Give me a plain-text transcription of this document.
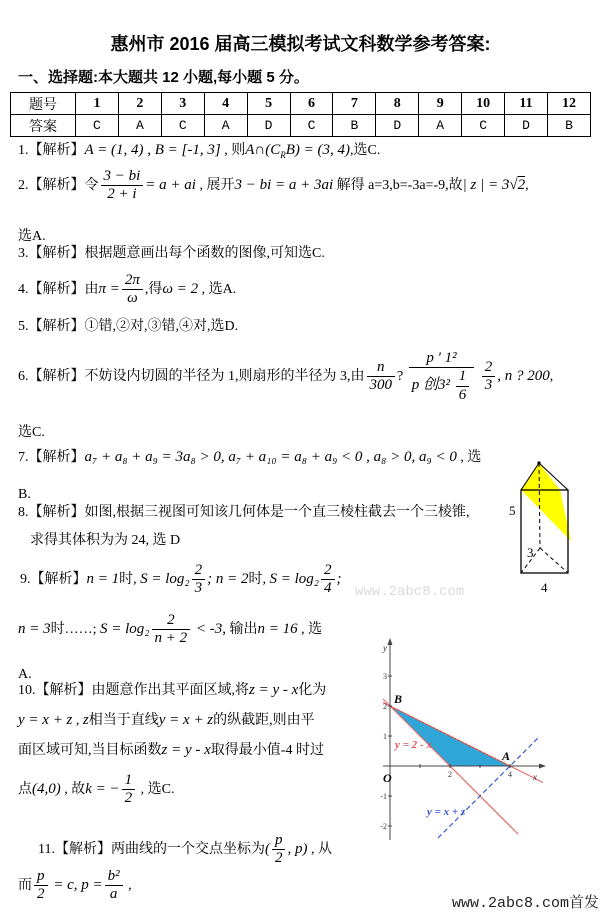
惠州市 2016 届高三模拟考试文科数学参考答案:
一、选择题:本大题共 12 小题,每小题 5 分。
题号	1	2	3	4	5	6	7	8	9	10	11	12
答案	C	A	C	A	D	C	B	D	A	C	D	B
1.【解析】A = (1, 4) , B = [-1, 3] , 则$A\cap(C_RB) = (3$, 4),选C.
2.【解析】令 $\frac{3 - bi}{2 + i} = a$ + ai , 展开3 − bi = a + 3ai 解得 a=3,b=-3a=-9,故| z | = 3√2,
选A.
3.【解析】根据题意画出每个函数的图像,可知选C.
4.【解析】由$\pi = \frac{2\pi}{\omega}$ ,得ω = 2 , 选A.
5.【解析】①错,②对,③错,④对,选D.
6.【解析】不妨设内切圆的半径为 1,则扇形的半径为 3,由 $\frac{n}{300}$ ? $\frac{\text{p ′ 1²}}{p 创3^2 \frac{1}{6}}$
$\frac{2}{3}$ , n ? 200,
选C.
7.【解析】a₇ + a₈ + a₉ = 3a₈ > 0, a₇ + a₁₀ = a₈ + a₉ < 0 , a₈ > 0, a₉ < 0 , 选
B.
8.【解析】如图,根据三视图可知该几何体是一个直三棱柱截去一个三棱锥,
求得其体积为为 24, 选 D
9.【解析】n = 1时, $S = \log_2 \frac{2}{3}$ ; n = 2时, $S = \log_2 \frac{2}{4}$ ;
n = 3时……; $S = \log_2 \frac{2}{n + 2} < -3$, 输出n = 16 , 选
A.
10.【解析】由题意作出其平面区域,将z = y - x化为
y = x + z , z相当于直线y = x + z的纵截距,则由平
面区域可知,当目标函数z = y - x取得最小值-4 时过
点(4,0) , 故k = − $\frac{1}{2}$ , 选C.
11.【解析】两曲线的一个交点坐标为( $\frac{p}{2}$ , p) , 从
而 $\frac{p}{2} = c$, $p = \frac{\text{b²}}{a}$ ,
www.2abc8.com
www.2abc8.com首发
5
3
4
3
2
1
-1
-2
2	4
B
A
O
y
x
y = 2 - x
y = x + z
